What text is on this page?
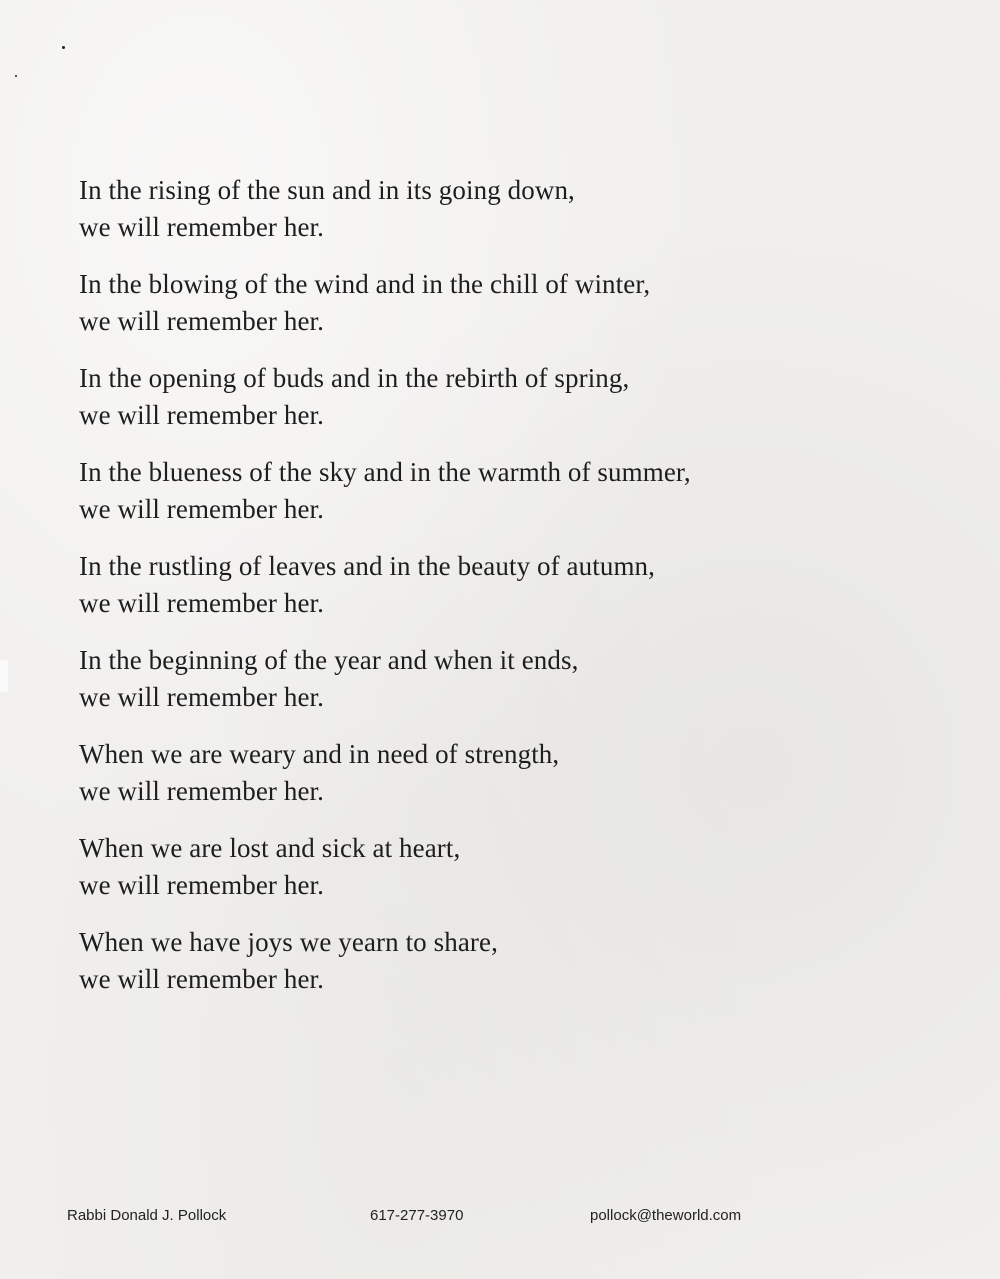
In the rising of the sun and in its going down,
we will remember her.
In the blowing of the wind and in the chill of winter,
we will remember her.
In the opening of buds and in the rebirth of spring,
we will remember her.
In the blueness of the sky and in the warmth of summer,
we will remember her.
In the rustling of leaves and in the beauty of autumn,
we will remember her.
In the beginning of the year and when it ends,
we will remember her.
When we are weary and in need of strength,
we will remember her.
When we are lost and sick at heart,
we will remember her.
When we have joys we yearn to share,
we will remember her.
Rabbi Donald J. Pollock	617-277-3970	pollock@theworld.com
